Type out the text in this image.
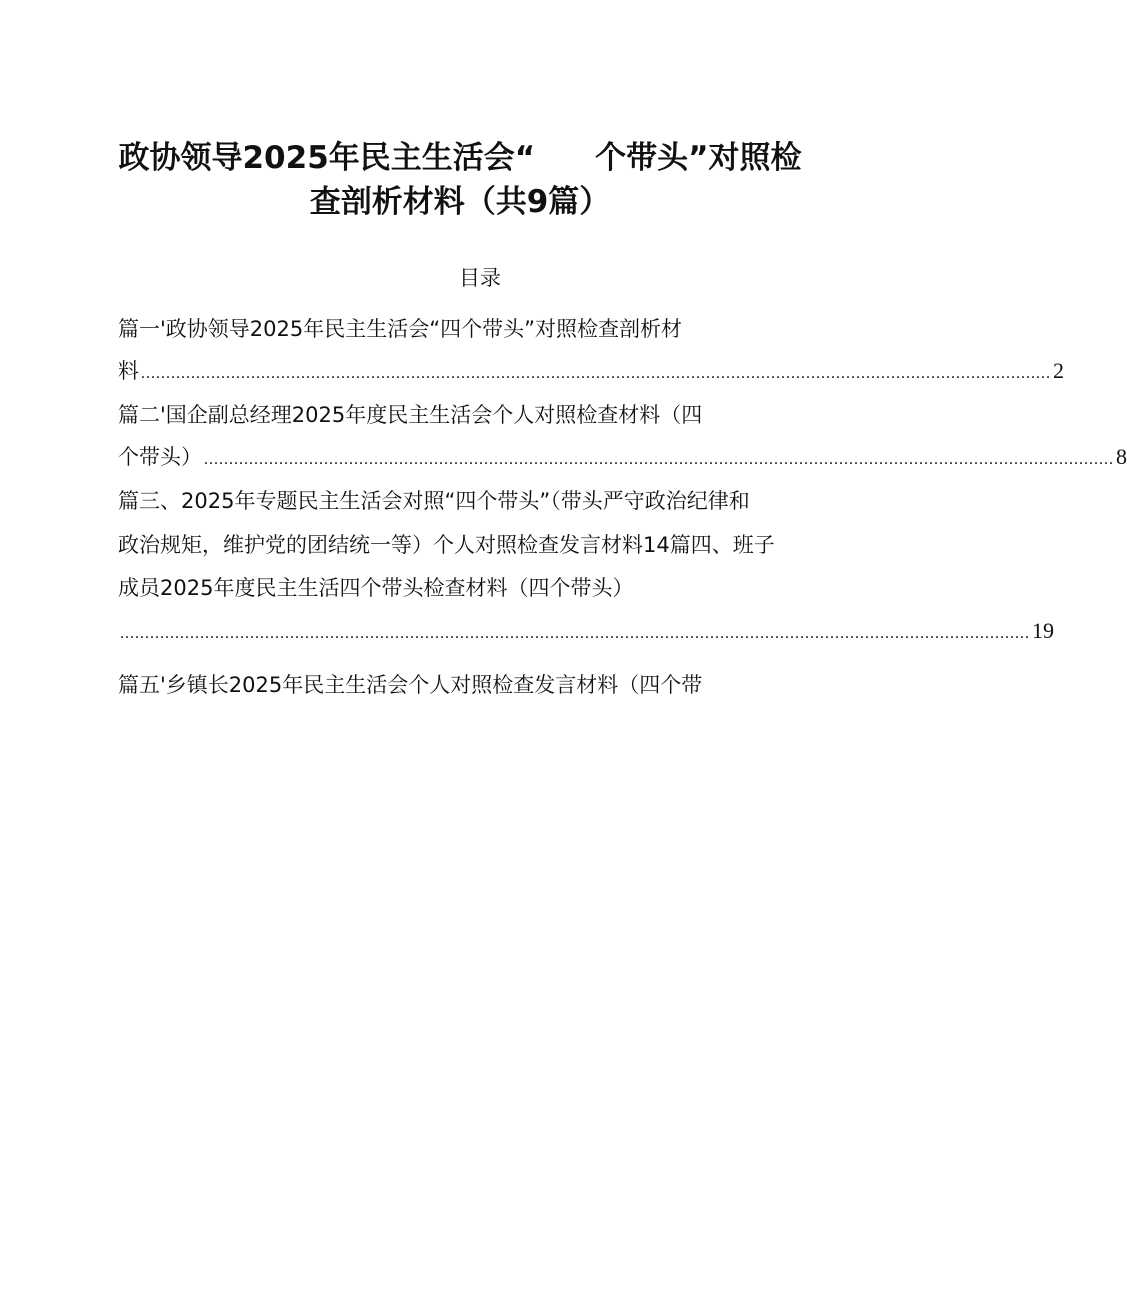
政协领导2025年民主生活会“ 个带头”对照检
查剖析材料（共9篇）
目录
篇一'政协领导2025年民主生活会“四个带头”对照检查剖析材
料 ...................................................................................................................................................................................... 2
篇二'国企副总经理2025年度民主生活会个人对照检查材料（四
个带头） ...................................................................................................................................................................................... 8
篇三、2025年专题民主生活会对照“四个带头”（带头严守政治纪律和
政治规矩，维护党的团结统一等）个人对照检查发言材料14篇四、班子
成员2025年度民主生活四个带头检查材料（四个带头）
...................................................................................................................................................................................... 19
篇五'乡镇长2025年民主生活会个人对照检查发言材料（四个带
